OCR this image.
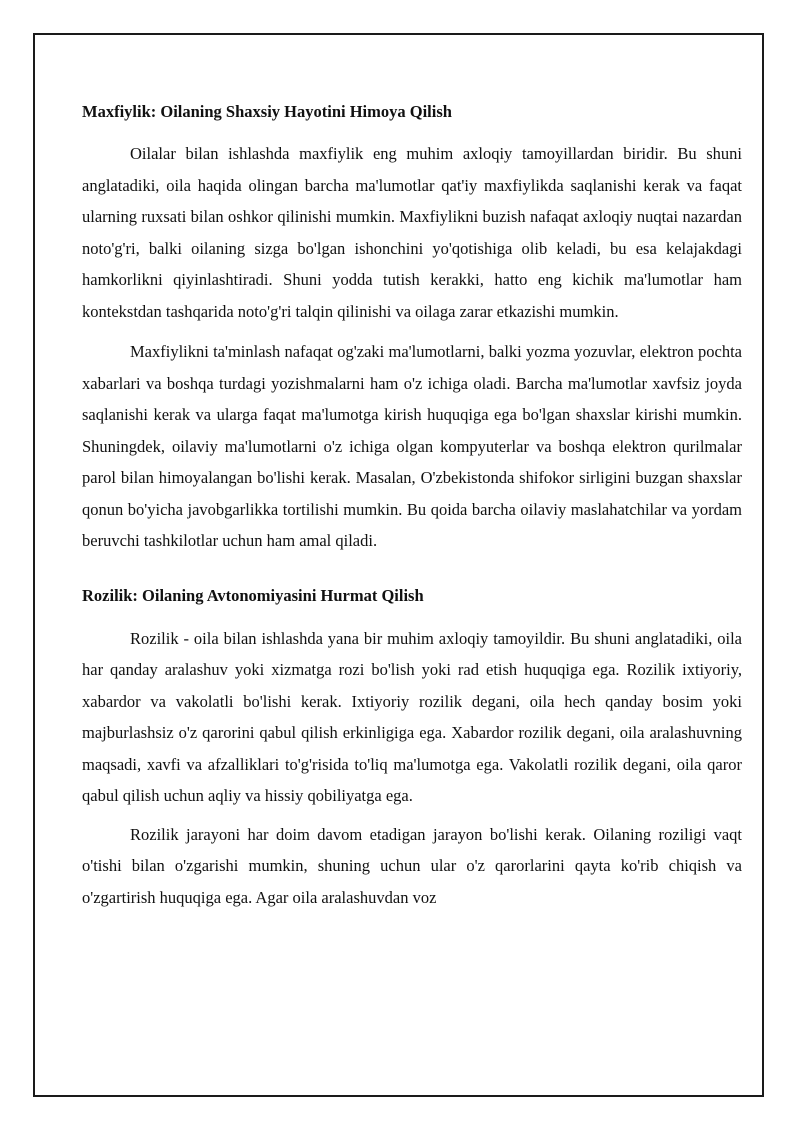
Maxfiylik: Oilaning Shaxsiy Hayotini Himoya Qilish

Oilalar bilan ishlashda maxfiylik eng muhim axloqiy tamoyillardan biridir. Bu shuni anglatadiki, oila haqida olingan barcha ma'lumotlar qat'iy maxfiylikda saqlanishi kerak va faqat ularning ruxsati bilan oshkor qilinishi mumkin. Maxfiylikni buzish nafaqat axloqiy nuqtai nazardan noto'g'ri, balki oilaning sizga bo'lgan ishonchini yo'qotishiga olib keladi, bu esa kelajakdagi hamkorlikni qiyinlashtiradi. Shuni yodda tutish kerakki, hatto eng kichik ma'lumotlar ham kontekstdan tashqarida noto'g'ri talqin qilinishi va oilaga zarar etkazishi mumkin.

Maxfiylikni ta'minlash nafaqat og'zaki ma'lumotlarni, balki yozma yozuvlar, elektron pochta xabarlari va boshqa turdagi yozishmalarni ham o'z ichiga oladi. Barcha ma'lumotlar xavfsiz joyda saqlanishi kerak va ularga faqat ma'lumotga kirish huquqiga ega bo'lgan shaxslar kirishi mumkin. Shuningdek, oilaviy ma'lumotlarni o'z ichiga olgan kompyuterlar va boshqa elektron qurilmalar parol bilan himoyalangan bo'lishi kerak. Masalan, O'zbekistonda shifokor sirligini buzgan shaxslar qonun bo'yicha javobgarlikka tortilishi mumkin. Bu qoida barcha oilaviy maslahatchilar va yordam beruvchi tashkilotlar uchun ham amal qiladi.

Rozilik: Oilaning Avtonomiyasini Hurmat Qilish

Rozilik - oila bilan ishlashda yana bir muhim axloqiy tamoyildir. Bu shuni anglatadiki, oila har qanday aralashuv yoki xizmatga rozi bo'lish yoki rad etish huquqiga ega. Rozilik ixtiyoriy, xabardor va vakolatli bo'lishi kerak. Ixtiyoriy rozilik degani, oila hech qanday bosim yoki majburlashsiz o'z qarorini qabul qilish erkinligiga ega. Xabardor rozilik degani, oila aralashuvning maqsadi, xavfi va afzalliklari to'g'risida to'liq ma'lumotga ega. Vakolatli rozilik degani, oila qaror qabul qilish uchun aqliy va hissiy qobiliyatga ega.

Rozilik jarayoni har doim davom etadigan jarayon bo'lishi kerak. Oilaning roziligi vaqt o'tishi bilan o'zgarishi mumkin, shuning uchun ular o'z qarorlarini qayta ko'rib chiqish va o'zgartirish huquqiga ega. Agar oila aralashuvdan voz
